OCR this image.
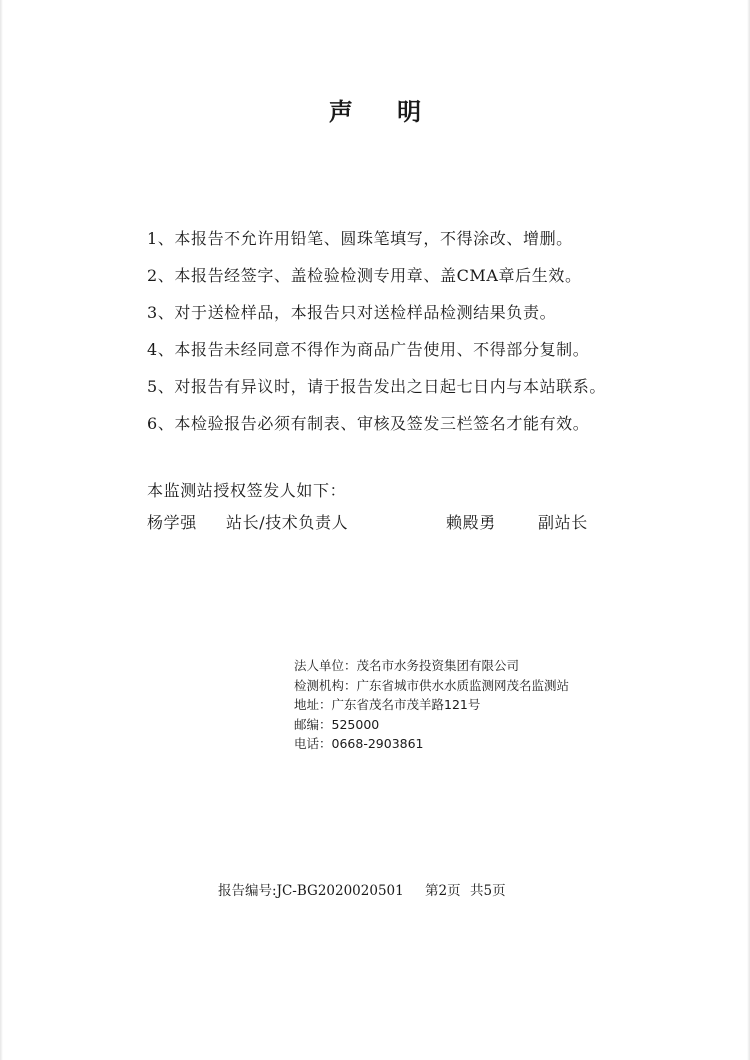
声 明
1、本报告不允许用铅笔、圆珠笔填写，不得涂改、增删。
2、本报告经签字、盖检验检测专用章、盖CMA章后生效。
3、对于送检样品，本报告只对送检样品检测结果负责。
4、本报告未经同意不得作为商品广告使用、不得部分复制。
5、对报告有异议时，请于报告发出之日起七日内与本站联系。
6、本检验报告必须有制表、审核及签发三栏签名才能有效。
本监测站授权签发人如下：
杨学强 站长/技术负责人	赖殿勇	副站长
法人单位：茂名市水务投资集团有限公司
检测机构：广东省城市供水水质监测网茂名监测站
地址：广东省茂名市茂羊路121号
邮编：525000
电话：0668-2903861
报告编号:JC-BG2020020501 第2页 共5页
